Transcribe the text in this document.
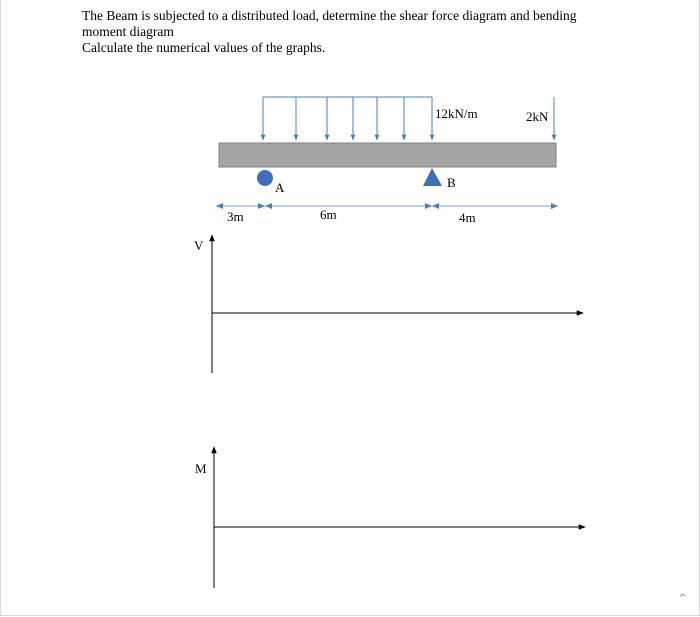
The Beam is subjected to a distributed load, determine the shear force diagram and bending

moment diagram

Calculate the numerical values of the graphs.

12kN/m	2kN
A	B
3m	6m	4m
V
M
⌃
